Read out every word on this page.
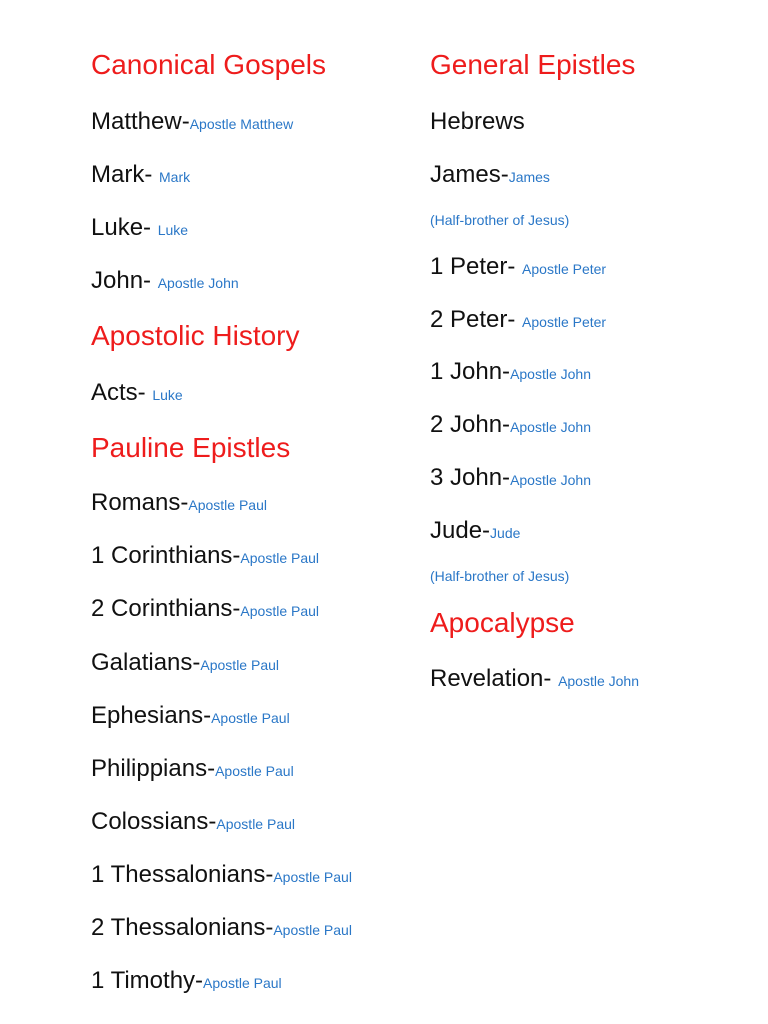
Canonical Gospels
Matthew-Apostle Matthew
Mark- Mark
Luke- Luke
John- Apostle John
Apostolic History
Acts- Luke
Pauline Epistles
Romans-Apostle Paul
1 Corinthians-Apostle Paul
2 Corinthians-Apostle Paul
Galatians-Apostle Paul
Ephesians-Apostle Paul
Philippians-Apostle Paul
Colossians-Apostle Paul
1 Thessalonians-Apostle Paul
2 Thessalonians-Apostle Paul
1 Timothy-Apostle Paul
General Epistles
Hebrews
James-James
(Half-brother of Jesus)
1 Peter- Apostle Peter
2 Peter- Apostle Peter
1 John-Apostle John
2 John-Apostle John
3 John-Apostle John
Jude-Jude
(Half-brother of Jesus)
Apocalypse
Revelation- Apostle John
